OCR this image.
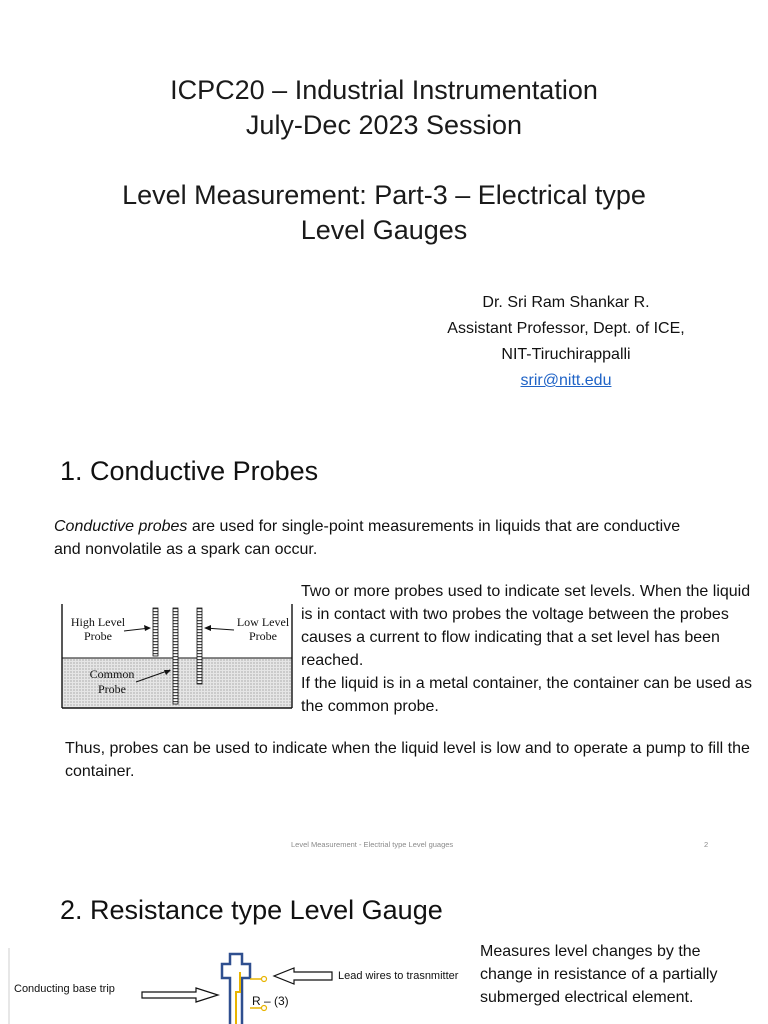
ICPC20 – Industrial Instrumentation
July-Dec 2023 Session
Level Measurement: Part-3 – Electrical type
Level Gauges
Dr. Sri Ram Shankar R.
Assistant Professor, Dept. of ICE,
NIT-Tiruchirappalli
srir@nitt.edu
1. Conductive Probes
Conductive probes are used for single-point measurements in liquids that are conductive and nonvolatile as a spark can occur.
High Level
Probe
Low Level
Probe
Common
Probe
Two or more probes used to indicate set levels. When the liquid is in contact with two probes the voltage between the probes causes a current to flow indicating that a set level has been reached.
If the liquid is in a metal container, the container can be used as the common probe.
Thus, probes can be used to indicate when the liquid level is low and to operate a pump to fill the container.
Level Measurement - Electrial type Level guages	2
2. Resistance type Level Gauge
Conducting base trip
R – (3)
Lead wires to trasnmitter
Measures level changes by the change in resistance of a partially submerged electrical element.
